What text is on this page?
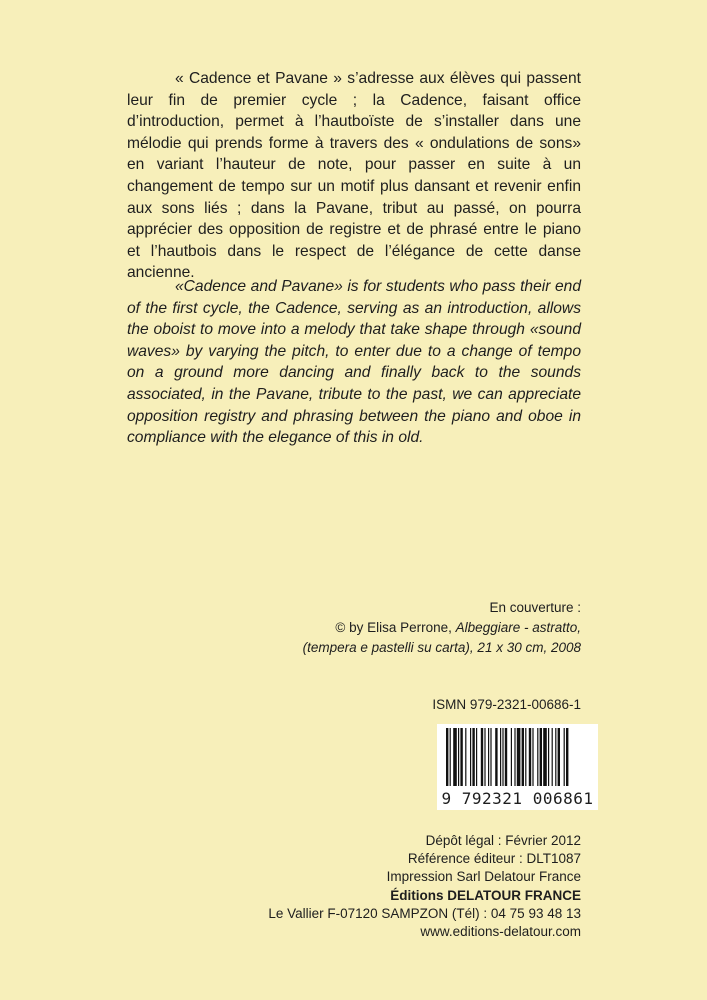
« Cadence et Pavane » s’adresse aux élèves qui passent leur fin de premier cycle ; la Cadence, faisant office d’introduction, permet à l’hautboïste de s’installer dans une mélodie qui prends forme à travers des « ondulations de sons» en variant l’hauteur de note, pour passer en suite à un changement de tempo sur un motif plus dansant et revenir enfin aux sons liés ; dans la Pavane, tribut au passé, on pourra apprécier des opposition de registre et de phrasé entre le piano et l’hautbois dans le respect de l’élégance de cette danse ancienne.

«Cadence and Pavane» is for students who pass their end of the first cycle, the Cadence, serving as an introduction, allows the oboist to move into a melody that take shape through «sound waves» by varying the pitch, to enter due to a change of tempo on a ground more dancing and finally back to the sounds associated, in the Pavane, tribute to the past, we can appreciate opposition registry and phrasing between the piano and oboe in compliance with the elegance of this in old.

En couverture :
© by Elisa Perrone, Albeggiare - astratto,
(tempera e pastelli su carta), 21 x 30 cm, 2008
ISMN 979-2321-00686-1
9 792321 006861
Dépôt légal : Février 2012
Référence éditeur : DLT1087
Impression Sarl Delatour France
Éditions DELATOUR FRANCE
Le Vallier F-07120 SAMPZON (Tél) : 04 75 93 48 13
www.editions-delatour.com
